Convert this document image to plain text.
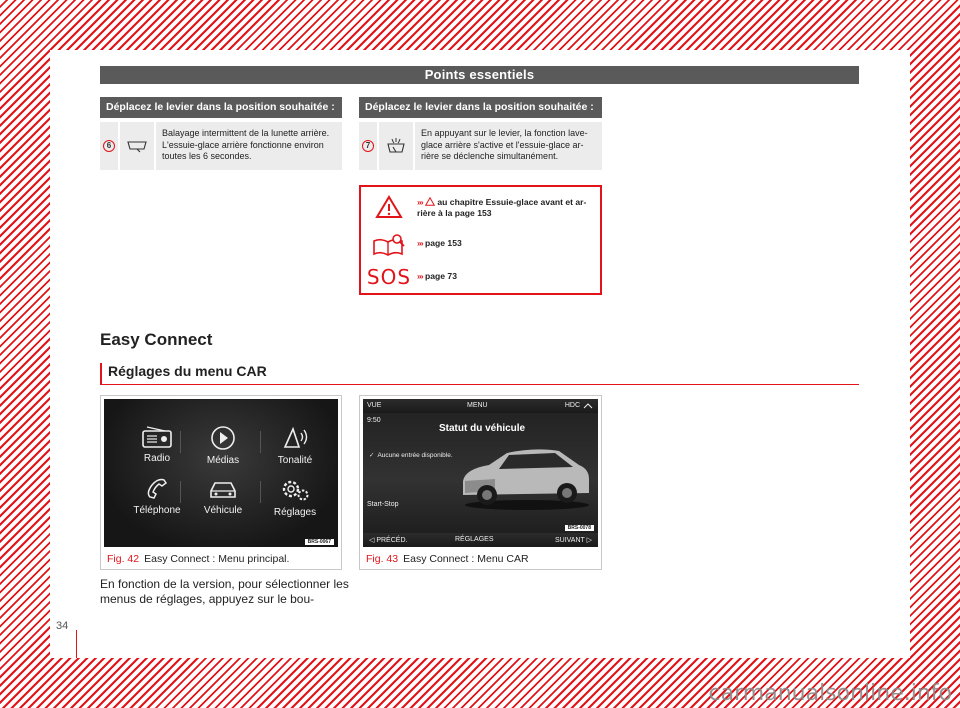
Points essentiels
Déplacez le levier dans la position souhaitée :
6
Balayage intermittent de la lunette arrière. L'essuie-glace arrière fonctionne environ toutes les 6 secondes.
Déplacez le levier dans la position souhaitée :
7
En appuyant sur le levier, la fonction lave-glace arrière s'active et l'essuie-glace ar-rière se déclenche simultanément.
››› au chapitre Essuie-glace avant et ar-rière à la page 153
››› page 153
SOS ››› page 73
Easy Connect
Réglages du menu CAR
Radio	Médias	Tonalité
Téléphone	Véhicule	Réglages
BRS-0067
Fig. 42 Easy Connect : Menu principal.
VUE	MENU	HDC
9:50
Statut du véhicule
✓ Aucune entrée disponible.
Start-Stop
◁ PRÉCÉD.	RÉGLAGES	SUIVANT ▷
BRS-0078
Fig. 43 Easy Connect : Menu CAR
En fonction de la version, pour sélectionner les menus de réglages, appuyez sur le bou-
34
carmanualsonline.info
